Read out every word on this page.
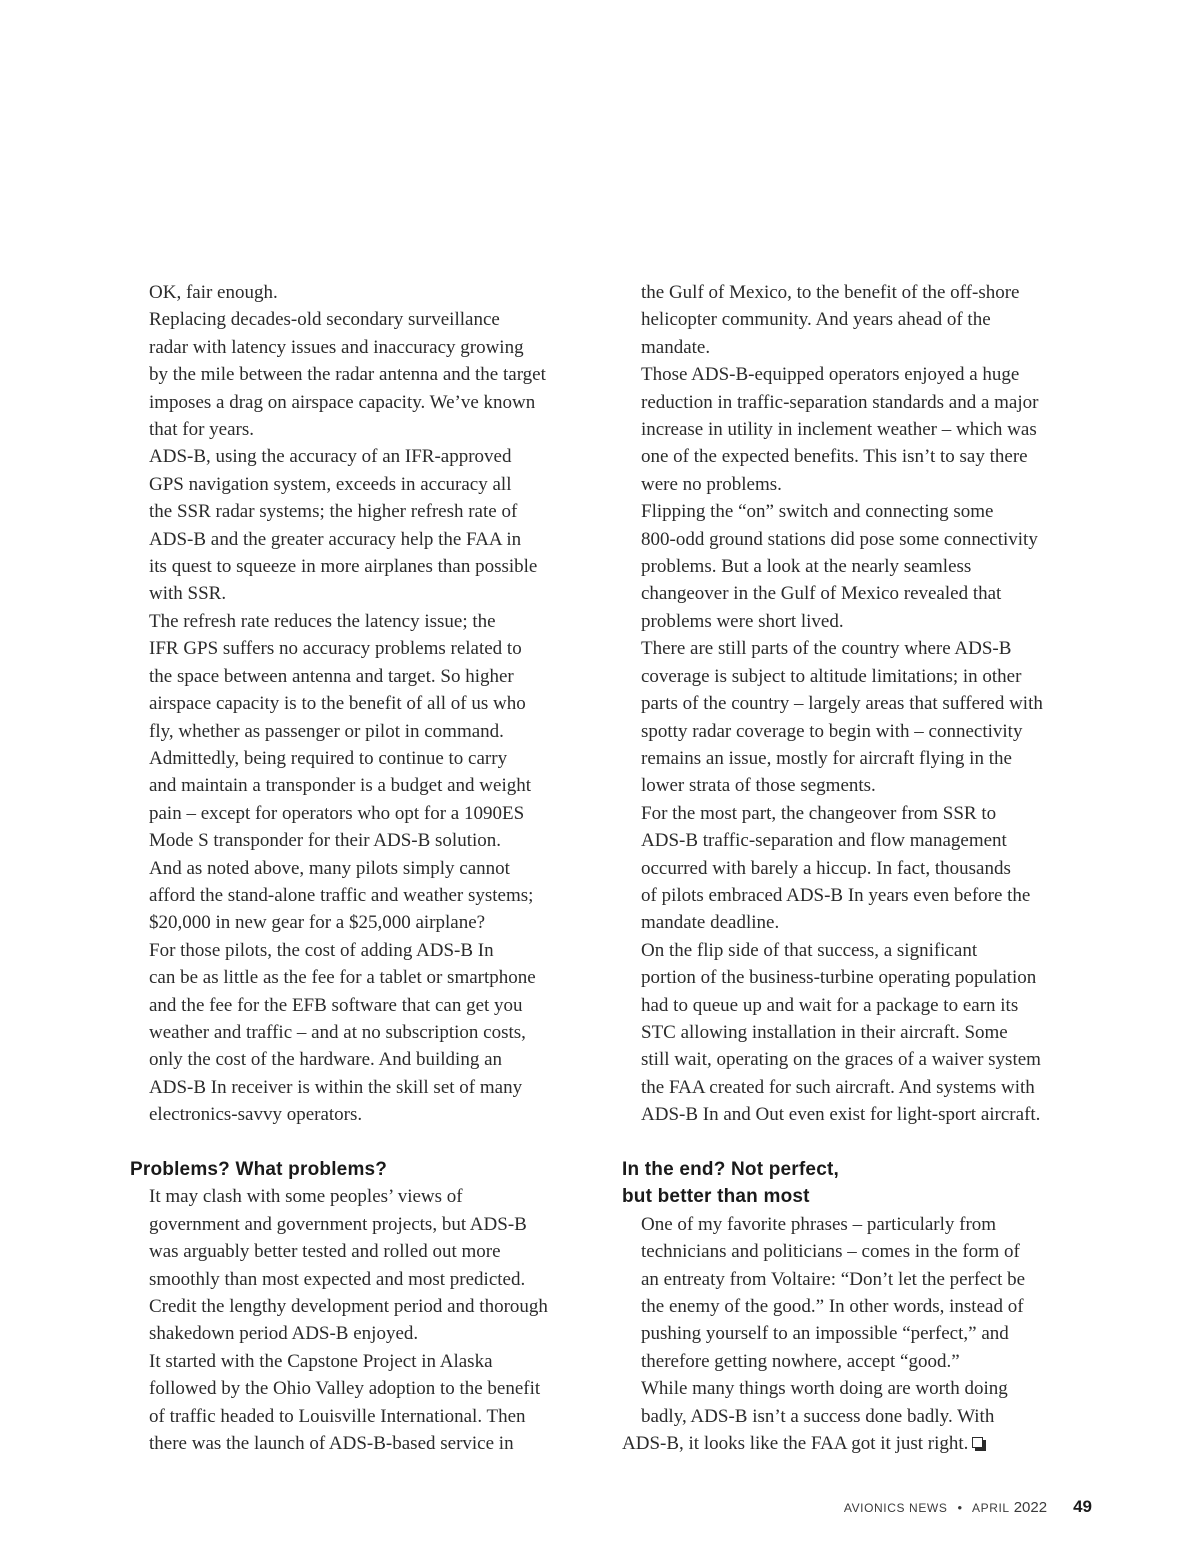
OK, fair enough.

Replacing decades-old secondary surveillance
radar with latency issues and inaccuracy growing
by the mile between the radar antenna and the target
imposes a drag on airspace capacity. We’ve known
that for years.

ADS-B, using the accuracy of an IFR-approved
GPS navigation system, exceeds in accuracy all
the SSR radar systems; the higher refresh rate of
ADS-B and the greater accuracy help the FAA in
its quest to squeeze in more airplanes than possible
with SSR.

The refresh rate reduces the latency issue; the
IFR GPS suffers no accuracy problems related to
the space between antenna and target. So higher
airspace capacity is to the benefit of all of us who
fly, whether as passenger or pilot in command.

Admittedly, being required to continue to carry
and maintain a transponder is a budget and weight
pain – except for operators who opt for a 1090ES
Mode S transponder for their ADS-B solution.
And as noted above, many pilots simply cannot
afford the stand-alone traffic and weather systems;
$20,000 in new gear for a $25,000 airplane?

For those pilots, the cost of adding ADS-B In
can be as little as the fee for a tablet or smartphone
and the fee for the EFB software that can get you
weather and traffic – and at no subscription costs,
only the cost of the hardware. And building an
ADS-B In receiver is within the skill set of many
electronics-savvy operators.

Problems? What problems?

It may clash with some peoples’ views of
government and government projects, but ADS-B
was arguably better tested and rolled out more
smoothly than most expected and most predicted.
Credit the lengthy development period and thorough
shakedown period ADS-B enjoyed.

It started with the Capstone Project in Alaska
followed by the Ohio Valley adoption to the benefit
of traffic headed to Louisville International. Then
there was the launch of ADS-B-based service in

the Gulf of Mexico, to the benefit of the off-shore
helicopter community. And years ahead of the
mandate.

Those ADS-B-equipped operators enjoyed a huge
reduction in traffic-separation standards and a major
increase in utility in inclement weather – which was
one of the expected benefits. This isn’t to say there
were no problems.

Flipping the “on” switch and connecting some
800-odd ground stations did pose some connectivity
problems. But a look at the nearly seamless
changeover in the Gulf of Mexico revealed that
problems were short lived.

There are still parts of the country where ADS-B
coverage is subject to altitude limitations; in other
parts of the country – largely areas that suffered with
spotty radar coverage to begin with – connectivity
remains an issue, mostly for aircraft flying in the
lower strata of those segments.

For the most part, the changeover from SSR to
ADS-B traffic-separation and flow management
occurred with barely a hiccup. In fact, thousands
of pilots embraced ADS-B In years even before the
mandate deadline.

On the flip side of that success, a significant
portion of the business-turbine operating population
had to queue up and wait for a package to earn its
STC allowing installation in their aircraft. Some
still wait, operating on the graces of a waiver system
the FAA created for such aircraft. And systems with
ADS-B In and Out even exist for light-sport aircraft.

In the end? Not perfect,
but better than most

One of my favorite phrases – particularly from
technicians and politicians – comes in the form of
an entreaty from Voltaire: “Don’t let the perfect be
the enemy of the good.” In other words, instead of
pushing yourself to an impossible “perfect,” and
therefore getting nowhere, accept “good.”

While many things worth doing are worth doing
badly, ADS-B isn’t a success done badly. With
ADS-B, it looks like the FAA got it just right.

AVIONICS NEWS • APRIL 2022 49
